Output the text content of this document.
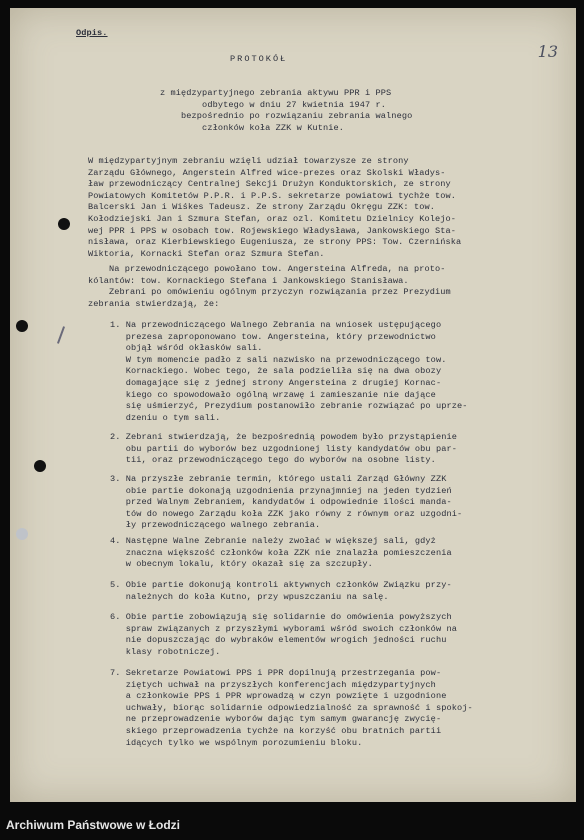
13
Odpis.
PROTOKÓŁ
z międzypartyjnego zebrania aktywu PPR i PPS
odbytego w dniu 27 kwietnia 1947 r.
bezpośrednio po rozwiązaniu zebrania walnego
członków koła ZZK w Kutnie.
W międzypartyjnym zebraniu wzięli udział towarzysze ze strony
Zarządu Głównego, Angerstein Alfred wice-prezes oraz Skolski Władys-
ław przewodniczący Centralnej Sekcji Drużyn Konduktorskich, ze strony
Powiatowych Komitetów P.P.R. i P.P.S. sekretarze powiatowi tychże tow.
Balcerski Jan i Wiśkes Tadeusz. Ze strony Zarządu Okręgu ZZK: tow.
Kołodziejski Jan i Szmura Stefan, oraz ozl. Komitetu Dzielnicy Kolejo-
wej PPR i PPS w osobach tow. Rojewskiego Władysława, Jankowskiego Sta-
nisława, oraz Kierbiewskiego Eugeniusza, ze strony PPS: Tow. Czernińska
Wiktoria, Kornacki Stefan oraz Szmura Stefan.
Na przewodniczącego powołano tow. Angersteina Alfreda, na proto-
kólantów: tow. Kornackiego Stefana i Jankowskiego Stanisława.
Zebrani po omówieniu ogólnym przyczyn rozwiązania przez Prezydium
zebrania stwierdzają, że:
1. Na przewodniczącego Walnego Zebrania na wniosek ustępującego
prezesa zaproponowano tow. Angersteina, który przewodnictwo
objął wśród okłasków sali.
W tym momencie padło z sali nazwisko na przewodniczącego tow.
Kornackiego. Wobec tego, że sala podzieliła się na dwa obozy
domagające się z jednej strony Angersteina z drugiej Kornac-
kiego co spowodowało ogólną wrzawę i zamieszanie nie dające
się uśmierzyć, Prezydium postanowiło zebranie rozwiązać po uprze-
dzeniu o tym sali.
2. Zebrani stwierdzają, że bezpośrednią powodem było przystąpienie
obu partii do wyborów bez uzgodnionej listy kandydatów obu par-
tii, oraz przewodniczącego tego do wyborów na osobne listy.
3. Na przyszłe zebranie termin, którego ustali Zarząd Główny ZZK
obie partie dokonają uzgodnienia przynajmniej na jeden tydzień
przed Walnym Zebraniem, kandydatów i odpowiednie ilości manda-
tów do nowego Zarządu koła ZZK jako równy z równym oraz uzgodni-
ły przewodniczącego walnego zebrania.
4. Następne Walne Zebranie należy zwołać w większej sali, gdyż
znaczna większość członków koła ZZK nie znalazła pomieszczenia
w obecnym lokalu, który okazał się za szczupły.
5. Obie partie dokonują kontroli aktywnych członków Związku przy-
należnych do koła Kutno, przy wpuszczaniu na salę.
6. Obie partie zobowiązują się solidarnie do omówienia powyższych
spraw związanych z przyszłymi wyborami wśród swoich członków na
nie dopuszczając do wybraków elementów wrogich jedności ruchu
klasy robotniczej.
7. Sekretarze Powiatowi PPS i PPR dopilnują przestrzegania pow-
ziętych uchwał na przyszłych konferencjach międzypartyjnych
a członkowie PPS i PPR wprowadzą w czyn powzięte i uzgodnione
uchwały, biorąc solidarnie odpowiedzialność za sprawność i spokoj-
ne przeprowadzenie wyborów dając tym samym gwarancję zwycię-
skiego przeprowadzenia tychże na korzyść obu bratnich partii
idących tylko we wspólnym porozumieniu bloku.
Archiwum Państwowe w Łodzi
